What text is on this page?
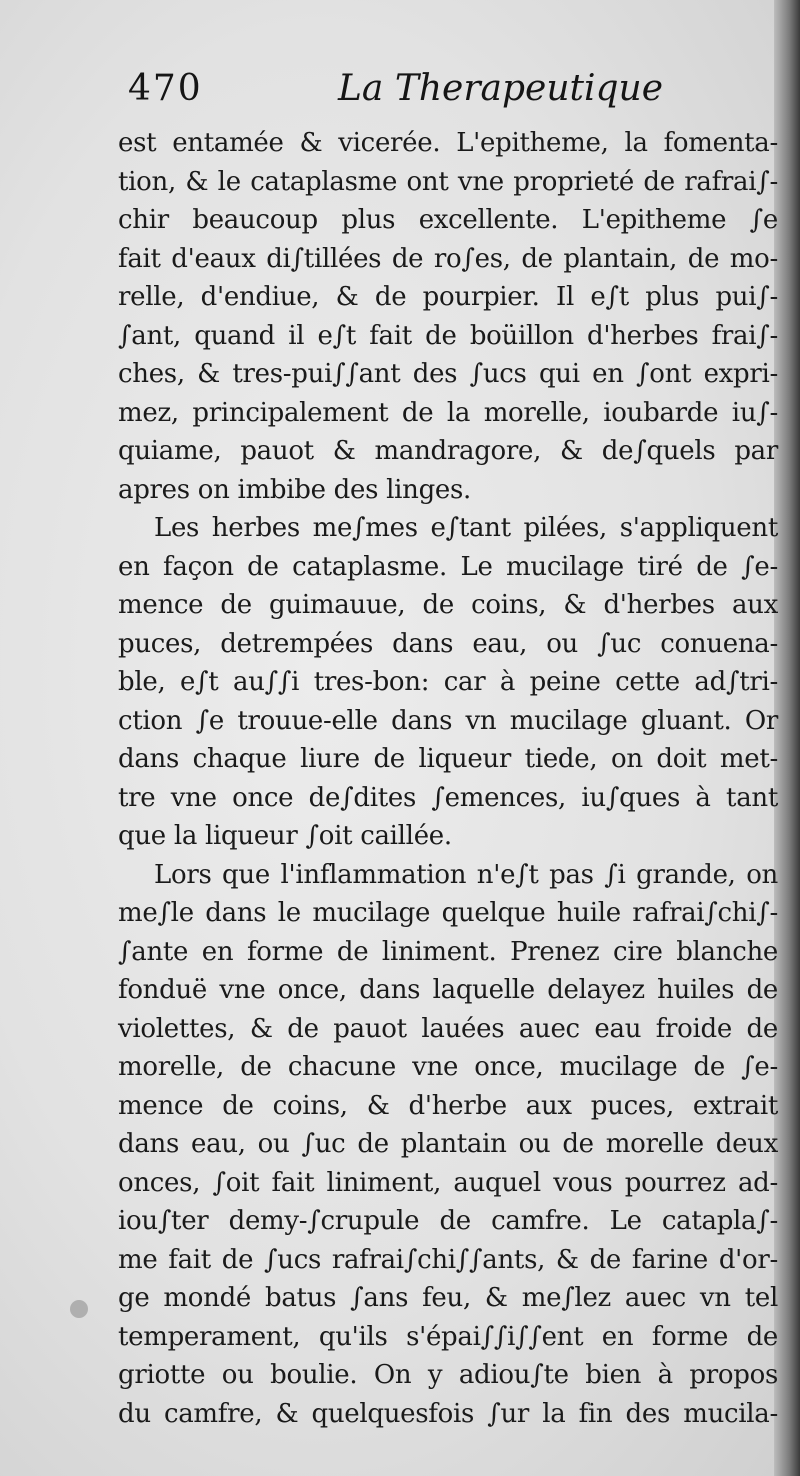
470	La Therapeutique
est entamée & vicerée. L'epitheme, la fomenta-
tion, & le cataplasme ont vne proprieté de rafrai∫-
chir beaucoup plus excellente. L'epitheme ∫e
fait d'eaux di∫tillées de ro∫es, de plantain, de mo-
relle, d'endiue, & de pourpier. Il e∫t plus pui∫-
∫ant, quand il e∫t fait de boüillon d'herbes frai∫-
ches, & tres-pui∫∫ant des ∫ucs qui en ∫ont expri-
mez, principalement de la morelle, ioubarde iu∫-
quiame, pauot & mandragore, & de∫quels par
apres on imbibe des linges.
Les herbes me∫mes e∫tant pilées, s'appliquent
en façon de cataplasme. Le mucilage tiré de ∫e-
mence de guimauue, de coins, & d'herbes aux
puces, detrempées dans eau, ou ∫uc conuena-
ble, e∫t au∫∫i tres-bon: car à peine cette ad∫tri-
ction ∫e trouue-elle dans vn mucilage gluant. Or
dans chaque liure de liqueur tiede, on doit met-
tre vne once de∫dites ∫emences, iu∫ques à tant
que la liqueur ∫oit caillée.
Lors que l'inflammation n'e∫t pas ∫i grande, on
me∫le dans le mucilage quelque huile rafrai∫chi∫-
∫ante en forme de liniment. Prenez cire blanche
fonduë vne once, dans laquelle delayez huiles de
violettes, & de pauot lauées auec eau froide de
morelle, de chacune vne once, mucilage de ∫e-
mence de coins, & d'herbe aux puces, extrait
dans eau, ou ∫uc de plantain ou de morelle deux
onces, ∫oit fait liniment, auquel vous pourrez ad-
iou∫ter demy-∫crupule de camfre. Le catapla∫-
me fait de ∫ucs rafrai∫chi∫∫ants, & de farine d'or-
ge mondé batus ∫ans feu, & me∫lez auec vn tel
temperament, qu'ils s'épai∫∫i∫∫ent en forme de
griotte ou boulie. On y adiou∫te bien à propos
du camfre, & quelquesfois ∫ur la fin des mucila-
